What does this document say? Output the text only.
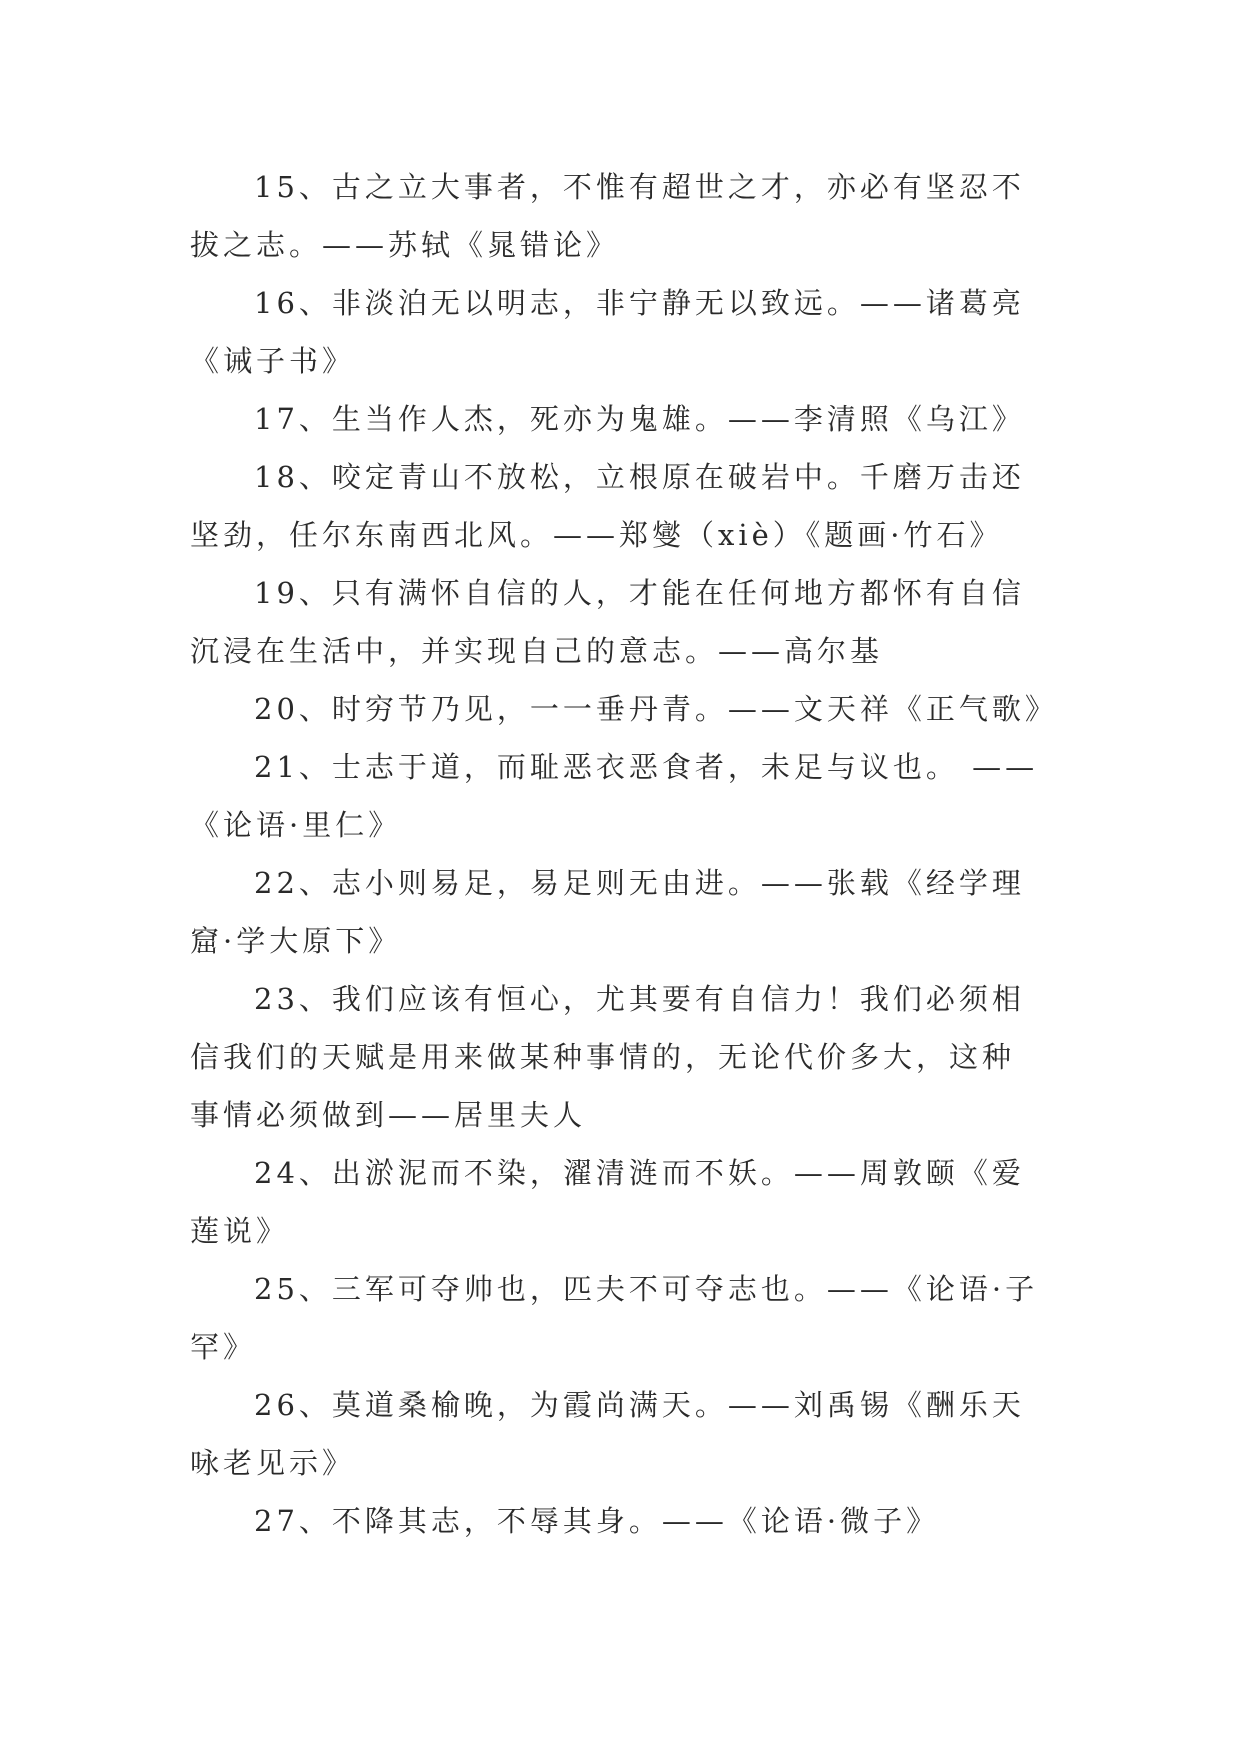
15、古之立大事者，不惟有超世之才，亦必有坚忍不拔之志。——苏轼《晁错论》

16、非淡泊无以明志，非宁静无以致远。——诸葛亮《诫子书》

17、生当作人杰，死亦为鬼雄。——李清照《乌江》

18、咬定青山不放松，立根原在破岩中。千磨万击还坚劲，任尔东南西北风。——郑燮（xiè）《题画·竹石》

19、只有满怀自信的人，才能在任何地方都怀有自信沉浸在生活中，并实现自己的意志。——高尔基

20、时穷节乃见，一一垂丹青。——文天祥《正气歌》

21、士志于道，而耻恶衣恶食者，未足与议也。 ——《论语·里仁》

22、志小则易足，易足则无由进。——张载《经学理窟·学大原下》

23、我们应该有恒心，尤其要有自信力！我们必须相信我们的天赋是用来做某种事情的，无论代价多大，这种事情必须做到——居里夫人

24、出淤泥而不染，濯清涟而不妖。——周敦颐《爱莲说》

25、三军可夺帅也，匹夫不可夺志也。——《论语·子罕》

26、莫道桑榆晚，为霞尚满天。——刘禹锡《酬乐天咏老见示》

27、不降其志，不辱其身。——《论语·微子》
